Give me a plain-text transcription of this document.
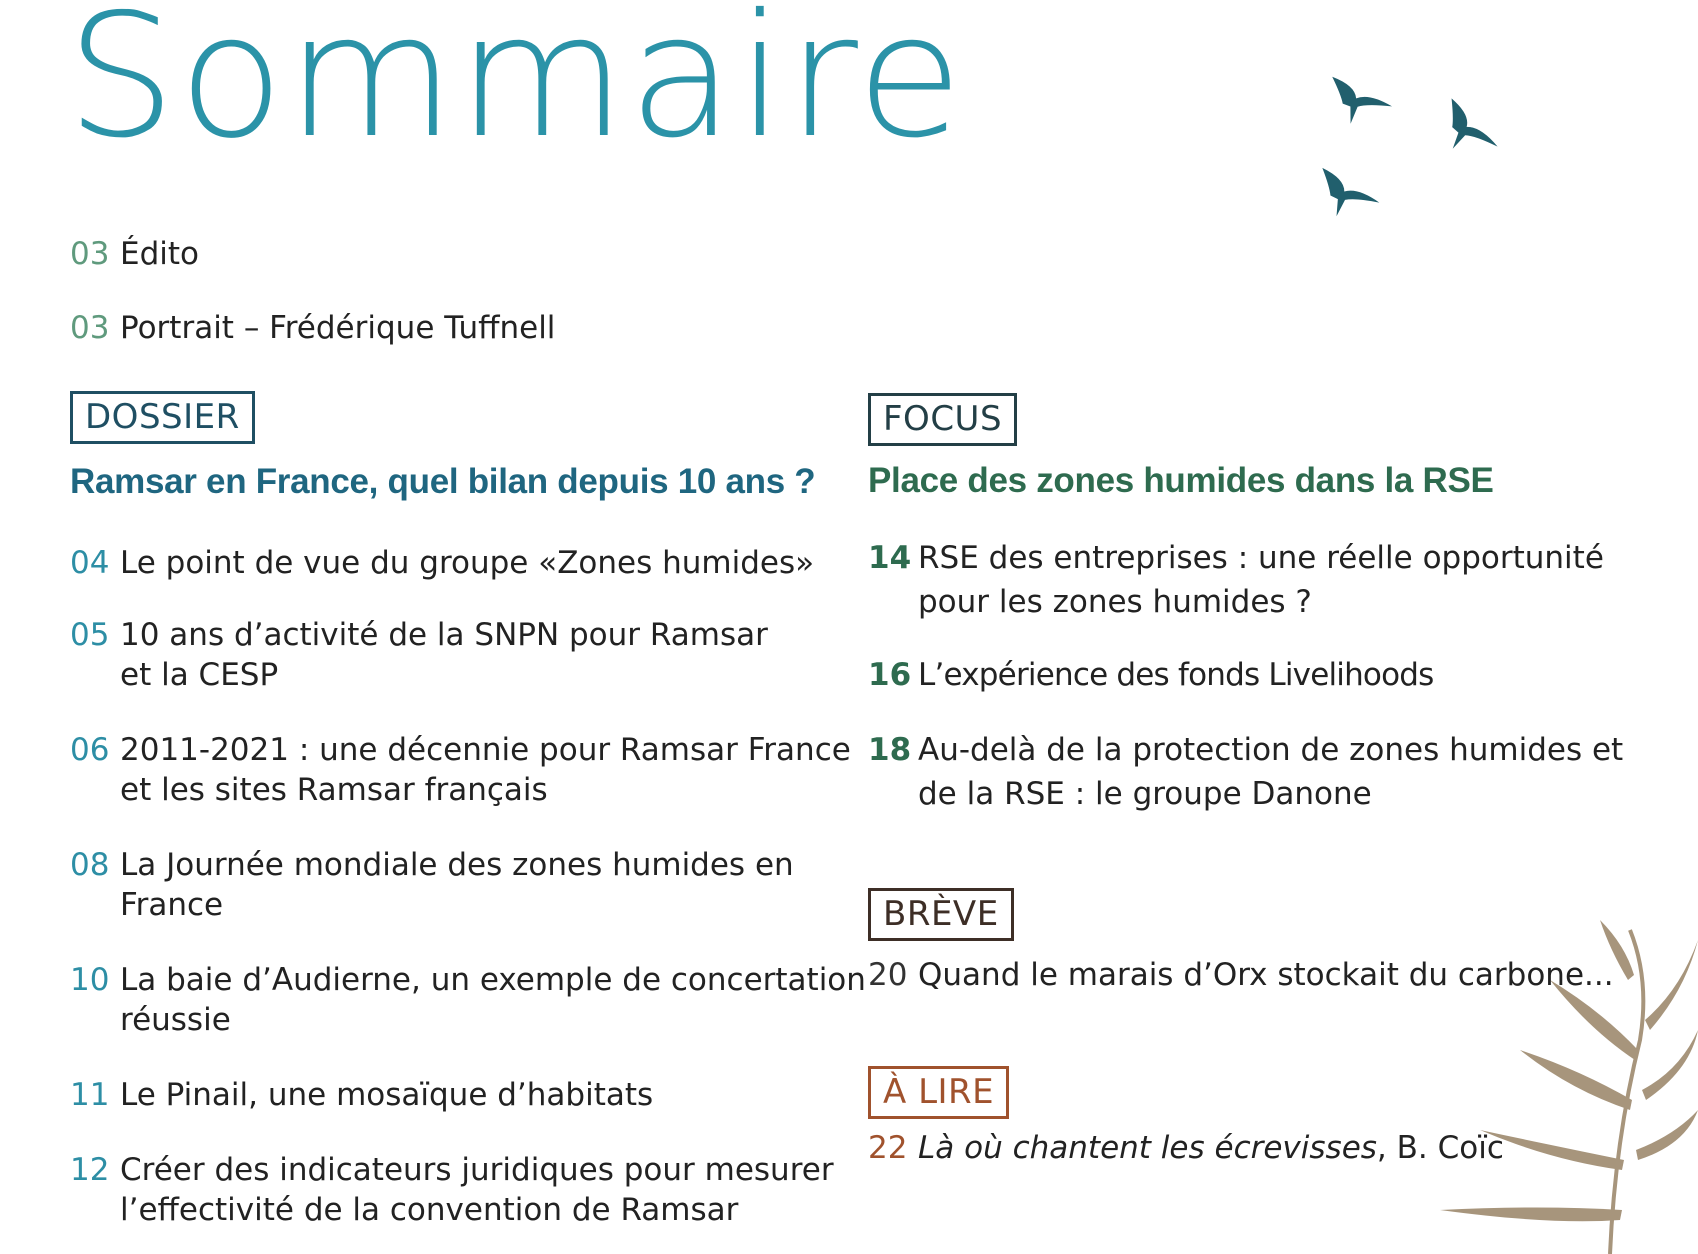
Sommaire
03 Édito
03 Portrait – Frédérique Tuffnell
DOSSIER
Ramsar en France, quel bilan depuis 10 ans ?
04 Le point de vue du groupe «Zones humides»
05 10 ans d’activité de la SNPN pour Ramsar
et la CESP
06 2011-2021 : une décennie pour Ramsar France
et les sites Ramsar français
08 La Journée mondiale des zones humides en
France
10 La baie d’Audierne, un exemple de concertation
réussie
11 Le Pinail, une mosaïque d’habitats
12 Créer des indicateurs juridiques pour mesurer
l’effectivité de la convention de Ramsar
FOCUS
Place des zones humides dans la RSE
14 RSE des entreprises : une réelle opportunité
pour les zones humides ?
16 L’expérience des fonds Livelihoods
18 Au-delà de la protection de zones humides et
de la RSE : le groupe Danone
BRÈVE
20 Quand le marais d’Orx stockait du carbone...
À LIRE
22 Là où chantent les écrevisses, B. Coïc
